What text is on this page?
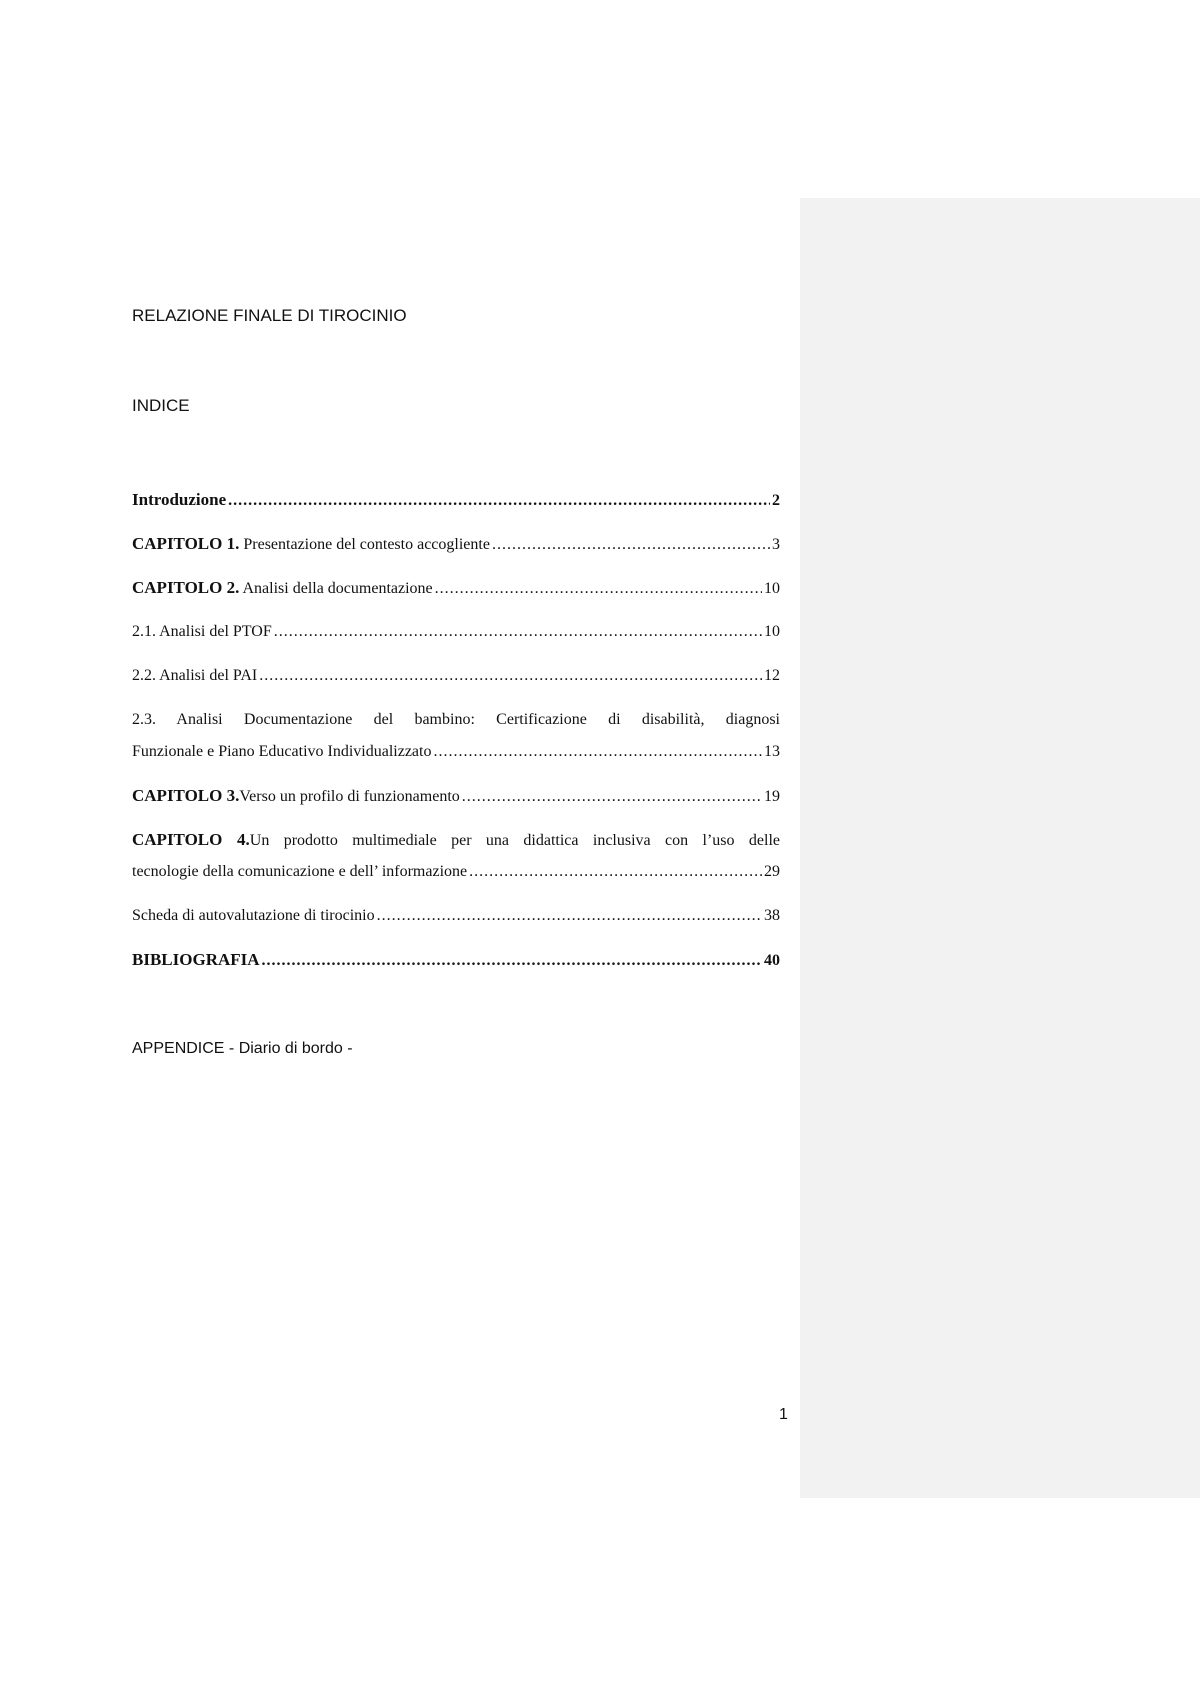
RELAZIONE FINALE DI TIROCINIO
INDICE
Introduzione .....	2
CAPITOLO 1. Presentazione del contesto accogliente .....	3
CAPITOLO 2. Analisi della documentazione .....	10
2.1. Analisi del PTOF .....	10
2.2. Analisi del PAI .....	12
2.3. Analisi Documentazione del bambino: Certificazione di disabilità, diagnosi
Funzionale e Piano Educativo Individualizzato .....	13
CAPITOLO 3.Verso un profilo di funzionamento .....	19
CAPITOLO 4.Un prodotto multimediale per una didattica inclusiva con l’uso delle
tecnologie della comunicazione e dell’ informazione .....	29
Scheda di autovalutazione di tirocinio .....	38
BIBLIOGRAFIA .....	40
APPENDICE - Diario di bordo -
1
